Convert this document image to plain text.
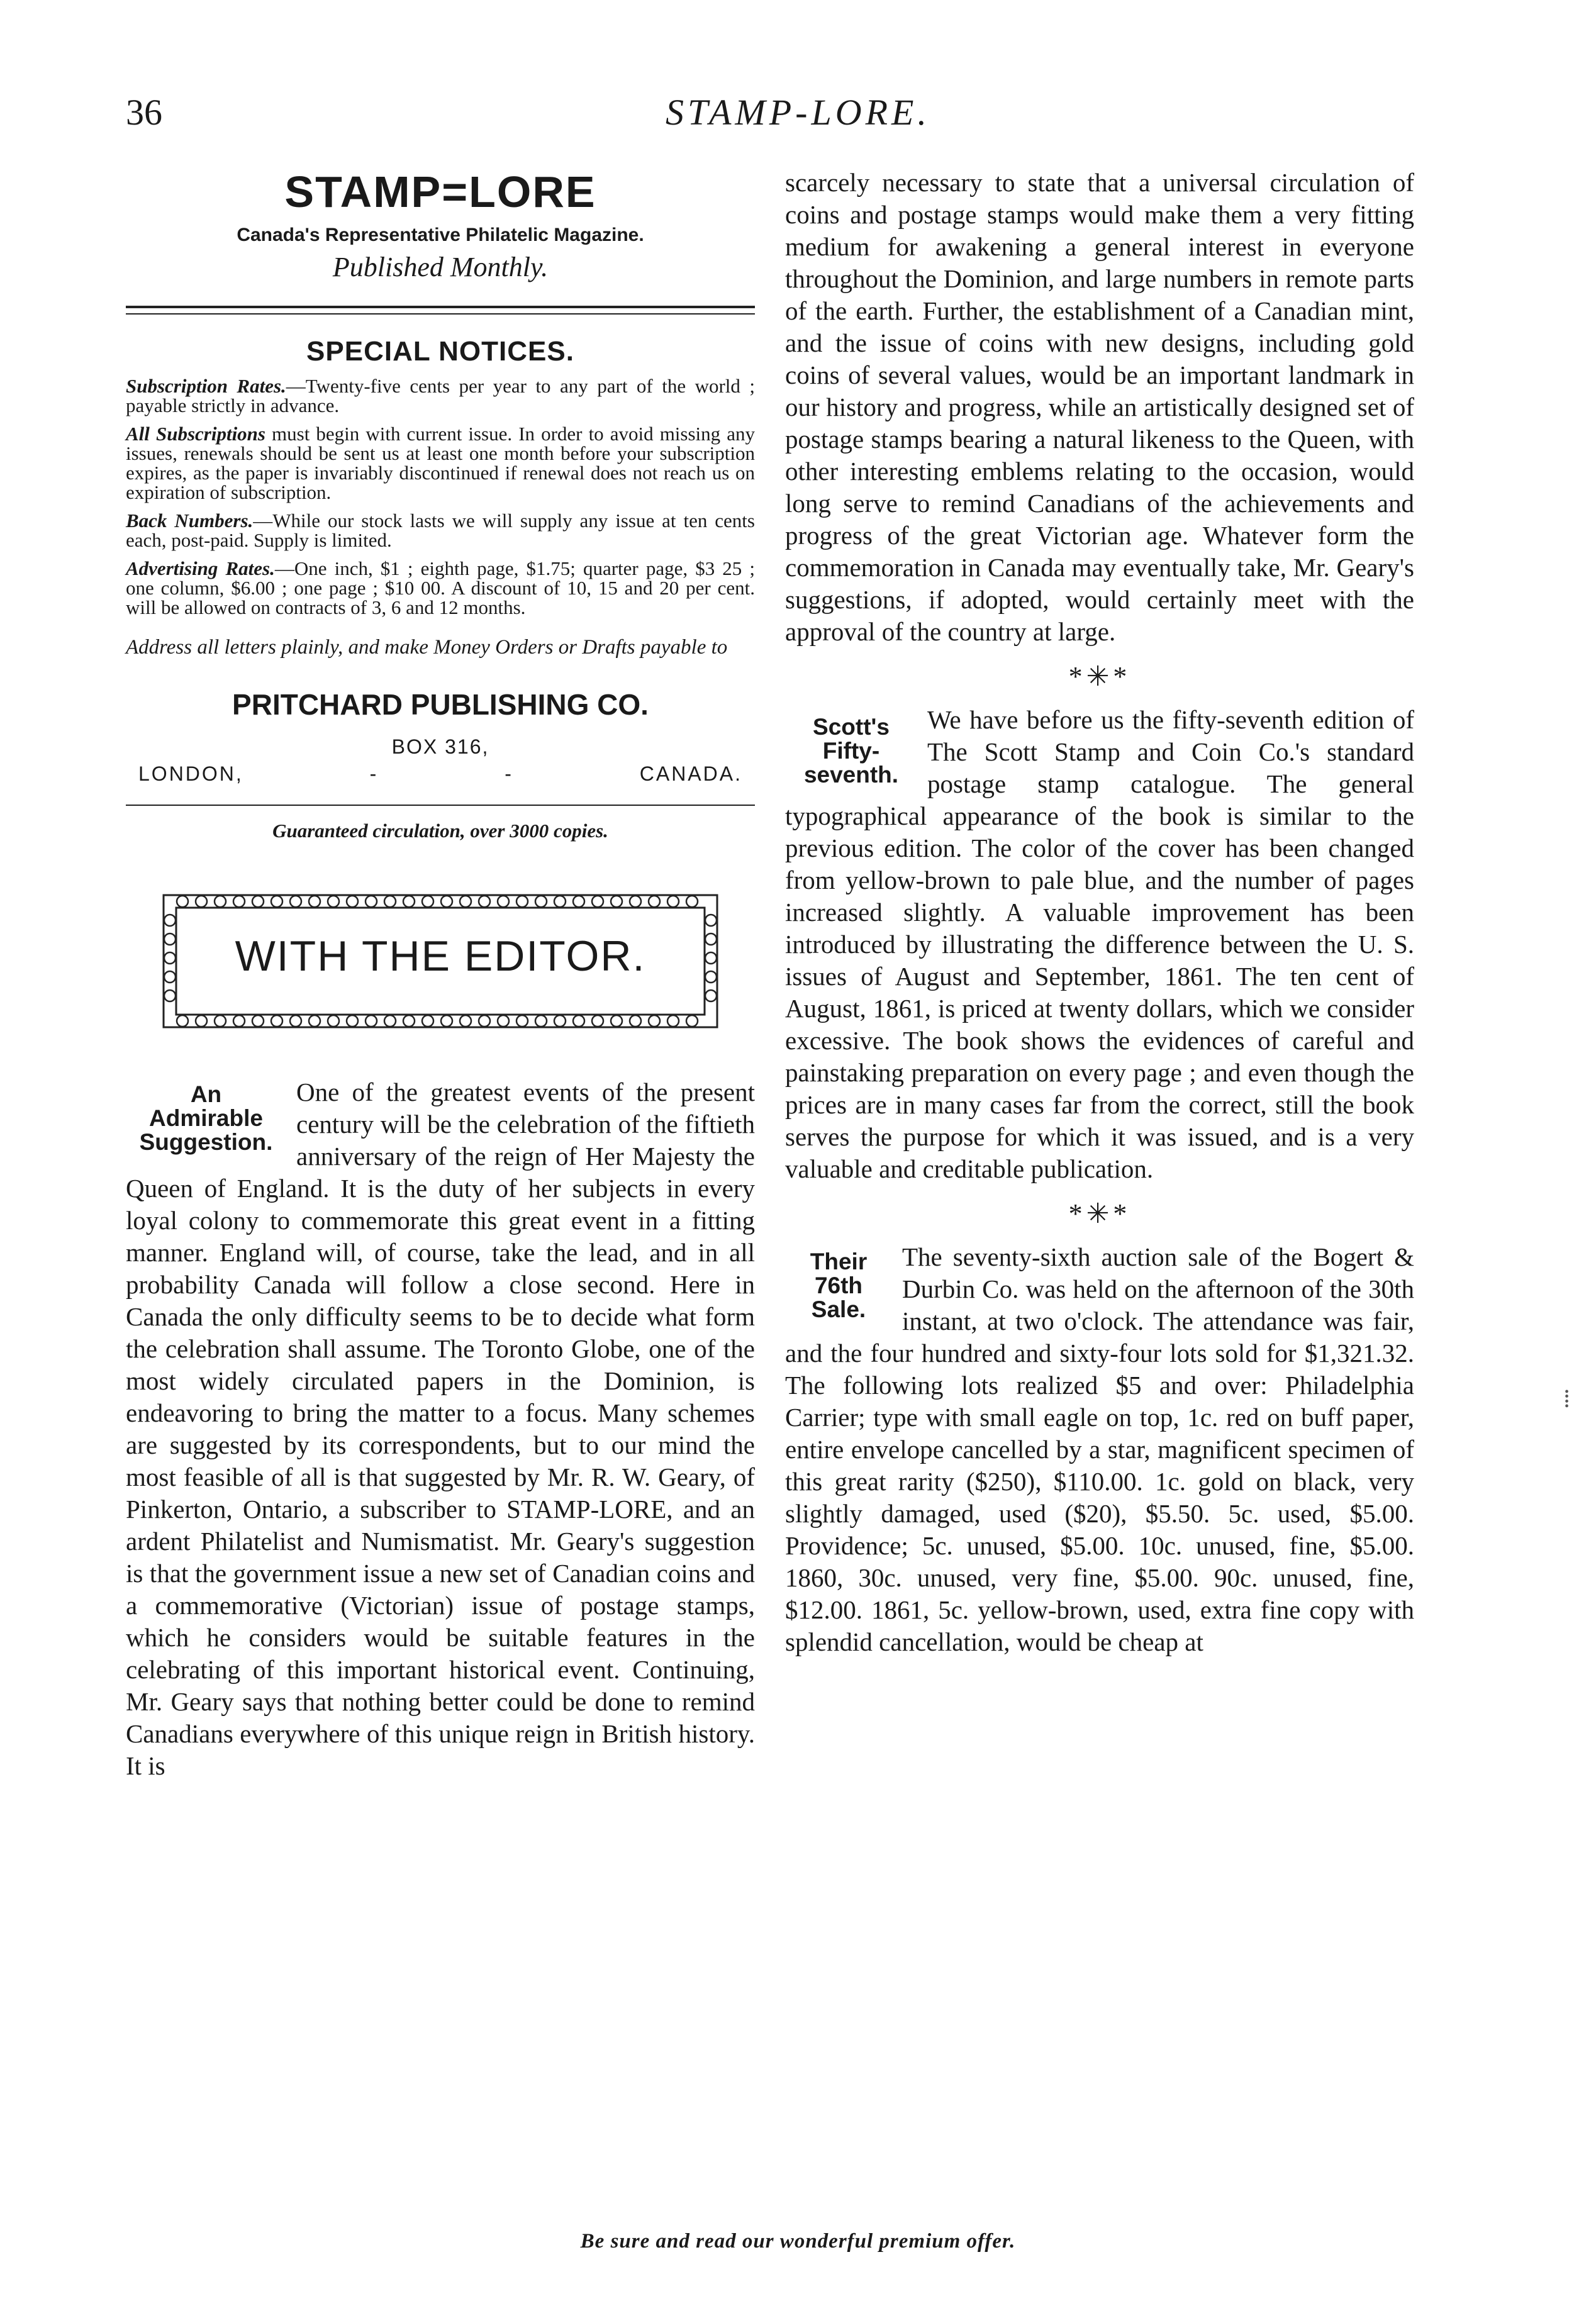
36	STAMP-LORE.
STAMP=LORE
Canada's Representative Philatelic Magazine.
Published Monthly.
SPECIAL NOTICES.
Subscription Rates.—Twenty-five cents per year to any part of the world ; payable strictly in advance.
All Subscriptions must begin with current issue. In order to avoid missing any issues, renewals should be sent us at least one month before your subscription expires, as the paper is invariably discontinued if renewal does not reach us on expiration of subscription.
Back Numbers.—While our stock lasts we will supply any issue at ten cents each, post-paid. Supply is limited.
Advertising Rates.—One inch, $1 ; eighth page, $1.75; quarter page, $3 25 ; one column, $6.00 ; one page ; $10 00. A discount of 10, 15 and 20 per cent. will be allowed on contracts of 3, 6 and 12 months.
Address all letters plainly, and make Money Orders or Drafts payable to
PRITCHARD PUBLISHING CO.
BOX 316,
LONDON,	-	-	CANADA.
Guaranteed circulation, over 3000 copies.
WITH THE EDITOR.
An
Admirable
Suggestion.
One of the greatest events of the present century will be the celebration of the fiftieth anniversary of the reign of Her Majesty the Queen of England. It is the duty of her subjects in every loyal colony to commemorate this great event in a fitting manner. England will, of course, take the lead, and in all probability Canada will follow a close second. Here in Canada the only difficulty seems to be to decide what form the celebration shall assume. The Toronto Globe, one of the most widely circulated papers in the Dominion, is endeavoring to bring the matter to a focus. Many schemes are suggested by its correspondents, but to our mind the most feasible of all is that suggested by Mr. R. W. Geary, of Pinkerton, Ontario, a subscriber to STAMP-LORE, and an ardent Philatelist and Numismatist. Mr. Geary's suggestion is that the government issue a new set of Canadian coins and a commemorative (Victorian) issue of postage stamps, which he considers would be suitable features in the celebrating of this important historical event. Continuing, Mr. Geary says that nothing better could be done to remind Canadians everywhere of this unique reign in British history. It is
scarcely necessary to state that a universal circulation of coins and postage stamps would make them a very fitting medium for awakening a general interest in everyone throughout the Dominion, and large numbers in remote parts of the earth. Further, the establishment of a Canadian mint, and the issue of coins with new designs, including gold coins of several values, would be an important landmark in our history and progress, while an artistically designed set of postage stamps bearing a natural likeness to the Queen, with other interesting emblems relating to the occasion, would long serve to remind Canadians of the achievements and progress of the great Victorian age. Whatever form the commemoration in Canada may eventually take, Mr. Geary's suggestions, if adopted, would certainly meet with the approval of the country at large.
*✳*
Scott's
Fifty-
seventh.
We have before us the fifty-seventh edition of The Scott Stamp and Coin Co.'s standard postage stamp catalogue. The general typographical appearance of the book is similar to the previous edition. The color of the cover has been changed from yellow-brown to pale blue, and the number of pages increased slightly. A valuable improvement has been introduced by illustrating the difference between the U. S. issues of August and September, 1861. The ten cent of August, 1861, is priced at twenty dollars, which we consider excessive. The book shows the evidences of careful and painstaking preparation on every page ; and even though the prices are in many cases far from the correct, still the book serves the purpose for which it was issued, and is a very valuable and creditable publication.
*✳*
Their
76th
Sale.
The seventy-sixth auction sale of the Bogert & Durbin Co. was held on the afternoon of the 30th instant, at two o'clock. The attendance was fair, and the four hundred and sixty-four lots sold for $1,321.32. The following lots realized $5 and over: Philadelphia Carrier; type with small eagle on top, 1c. red on buff paper, entire envelope cancelled by a star, magnificent specimen of this great rarity ($250), $110.00. 1c. gold on black, very slightly damaged, used ($20), $5.50. 5c. used, $5.00. Providence; 5c. unused, $5.00. 10c. unused, fine, $5.00. 1860, 30c. unused, very fine, $5.00. 90c. unused, fine, $12.00. 1861, 5c. yellow-brown, used, extra fine copy with splendid cancellation, would be cheap at
⁞
Be sure and read our wonderful premium offer.
